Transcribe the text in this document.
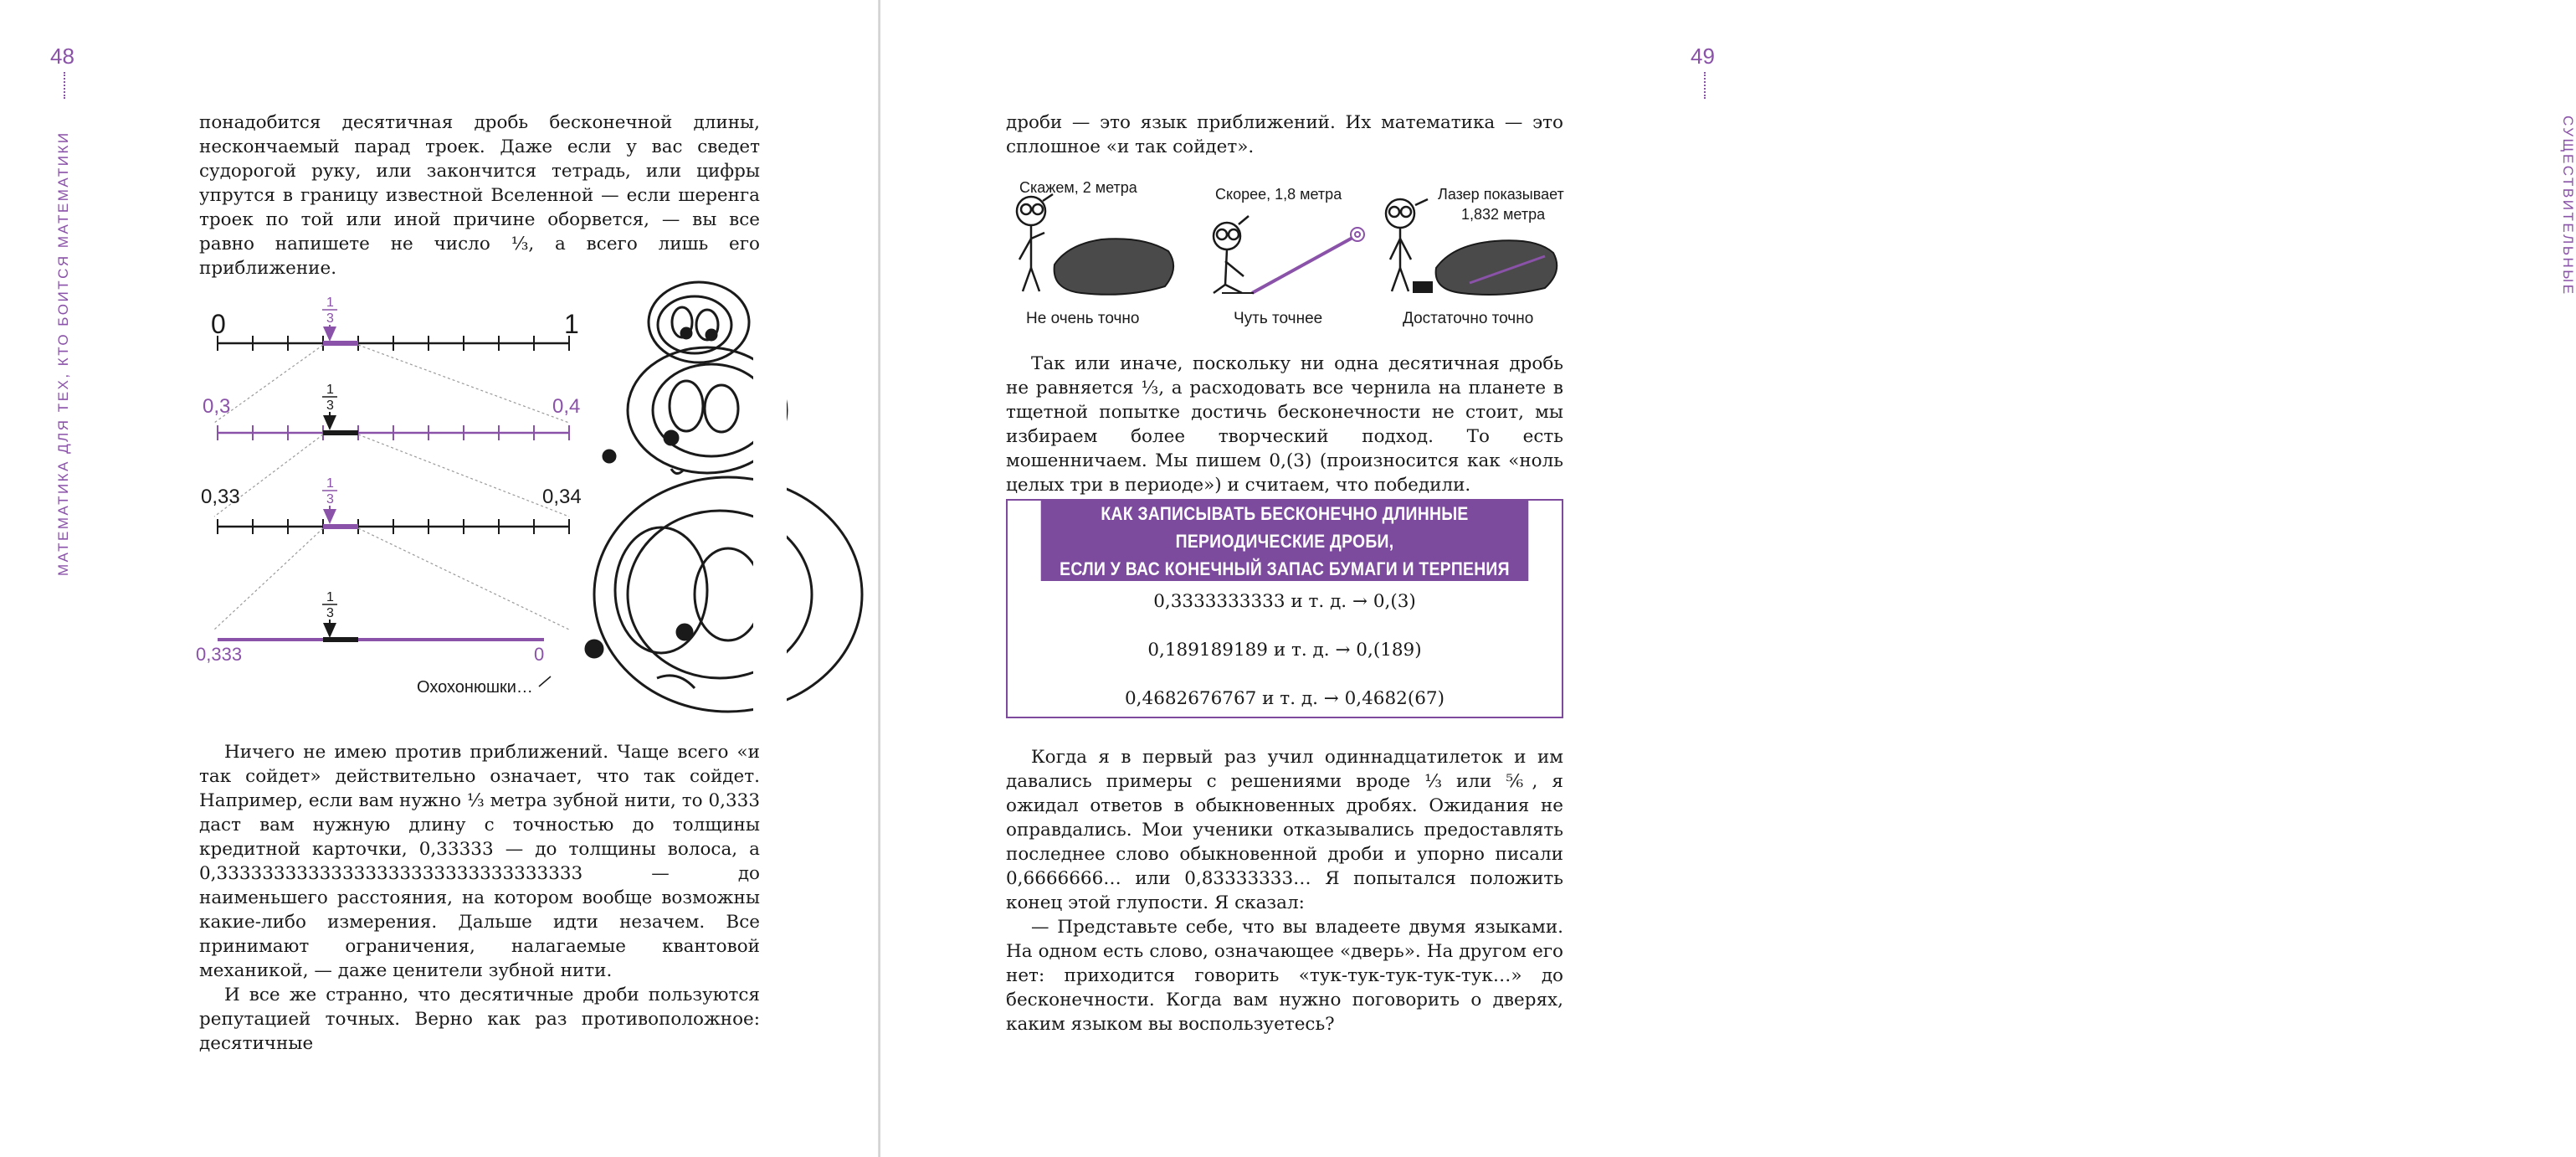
48
МАТЕМАТИКА ДЛЯ ТЕХ, КТО БОИТСЯ МАТЕМАТИКИ

понадобится десятичная дробь бесконечной длины, нескончаемый парад троек. Даже если у вас сведет судорогой руку, или закончится тетрадь, или цифры упрутся в границу известной Вселенной — если шеренга троек по той или иной причине оборвется, — вы все равно напишете не число ⅓, а всего лишь его приближение.

0	1
0,3	0,4
0,33	0,34
0,333	0
1
3
1
3
1
3
1
3
Охохонюшки…

Ничего не имею против приближений. Чаще всего «и так сойдет» действительно означает, что так сойдет. Например, если вам нужно ⅓ метра зубной нити, то 0,333 даст вам нужную длину с точностью до толщины кредитной карточки, 0,33333 — до толщины волоса, а 0,33333333333333333333333333333333 — до наименьшего расстояния, на котором вообще возможны какие-либо измерения. Дальше идти незачем. Все принимают ограничения, налагаемые квантовой механикой, — даже ценители зубной нити.

И все же странно, что десятичные дроби пользуются репутацией точных. Верно как раз противоположное: десятичные

49
СУЩЕСТВИТЕЛЬНЫЕ

дроби — это язык приближений. Их математика — это сплошное «и так сойдет».

Скажем, 2 метра	Скорее, 1,8 метра	Лазер показывает
1,832 метра
Не очень точно	Чуть точнее	Достаточно точно

Так или иначе, поскольку ни одна десятичная дробь не равняется ⅓, а расходовать все чернила на планете в тщетной попытке достичь бесконечности не стоит, мы избираем более творческий подход. То есть мошенничаем. Мы пишем 0,(3) (произносится как «ноль целых три в периоде») и считаем, что победили.

КАК ЗАПИСЫВАТЬ БЕСКОНЕЧНО ДЛИННЫЕ ПЕРИОДИЧЕСКИЕ ДРОБИ,
ЕСЛИ У ВАС КОНЕЧНЫЙ ЗАПАС БУМАГИ И ТЕРПЕНИЯ
0,3333333333 и т. д. → 0,(3)
0,189189189 и т. д. → 0,(189)
0,4682676767 и т. д. → 0,4682(67)

Когда я в первый раз учил одиннадцатилеток и им давались примеры с решениями вроде ⅓ или ⅚, я ожидал ответов в обыкновенных дробях. Ожидания не оправдались. Мои ученики отказывались предоставлять последнее слово обыкновенной дроби и упорно писали 0,6666666… или 0,83333333… Я попытался положить конец этой глупости. Я сказал:

— Представьте себе, что вы владеете двумя языками. На одном есть слово, означающее «дверь». На другом его нет: приходится говорить «тук-тук-тук-тук-тук…» до бесконечности. Когда вам нужно поговорить о дверях, каким языком вы воспользуетесь?
